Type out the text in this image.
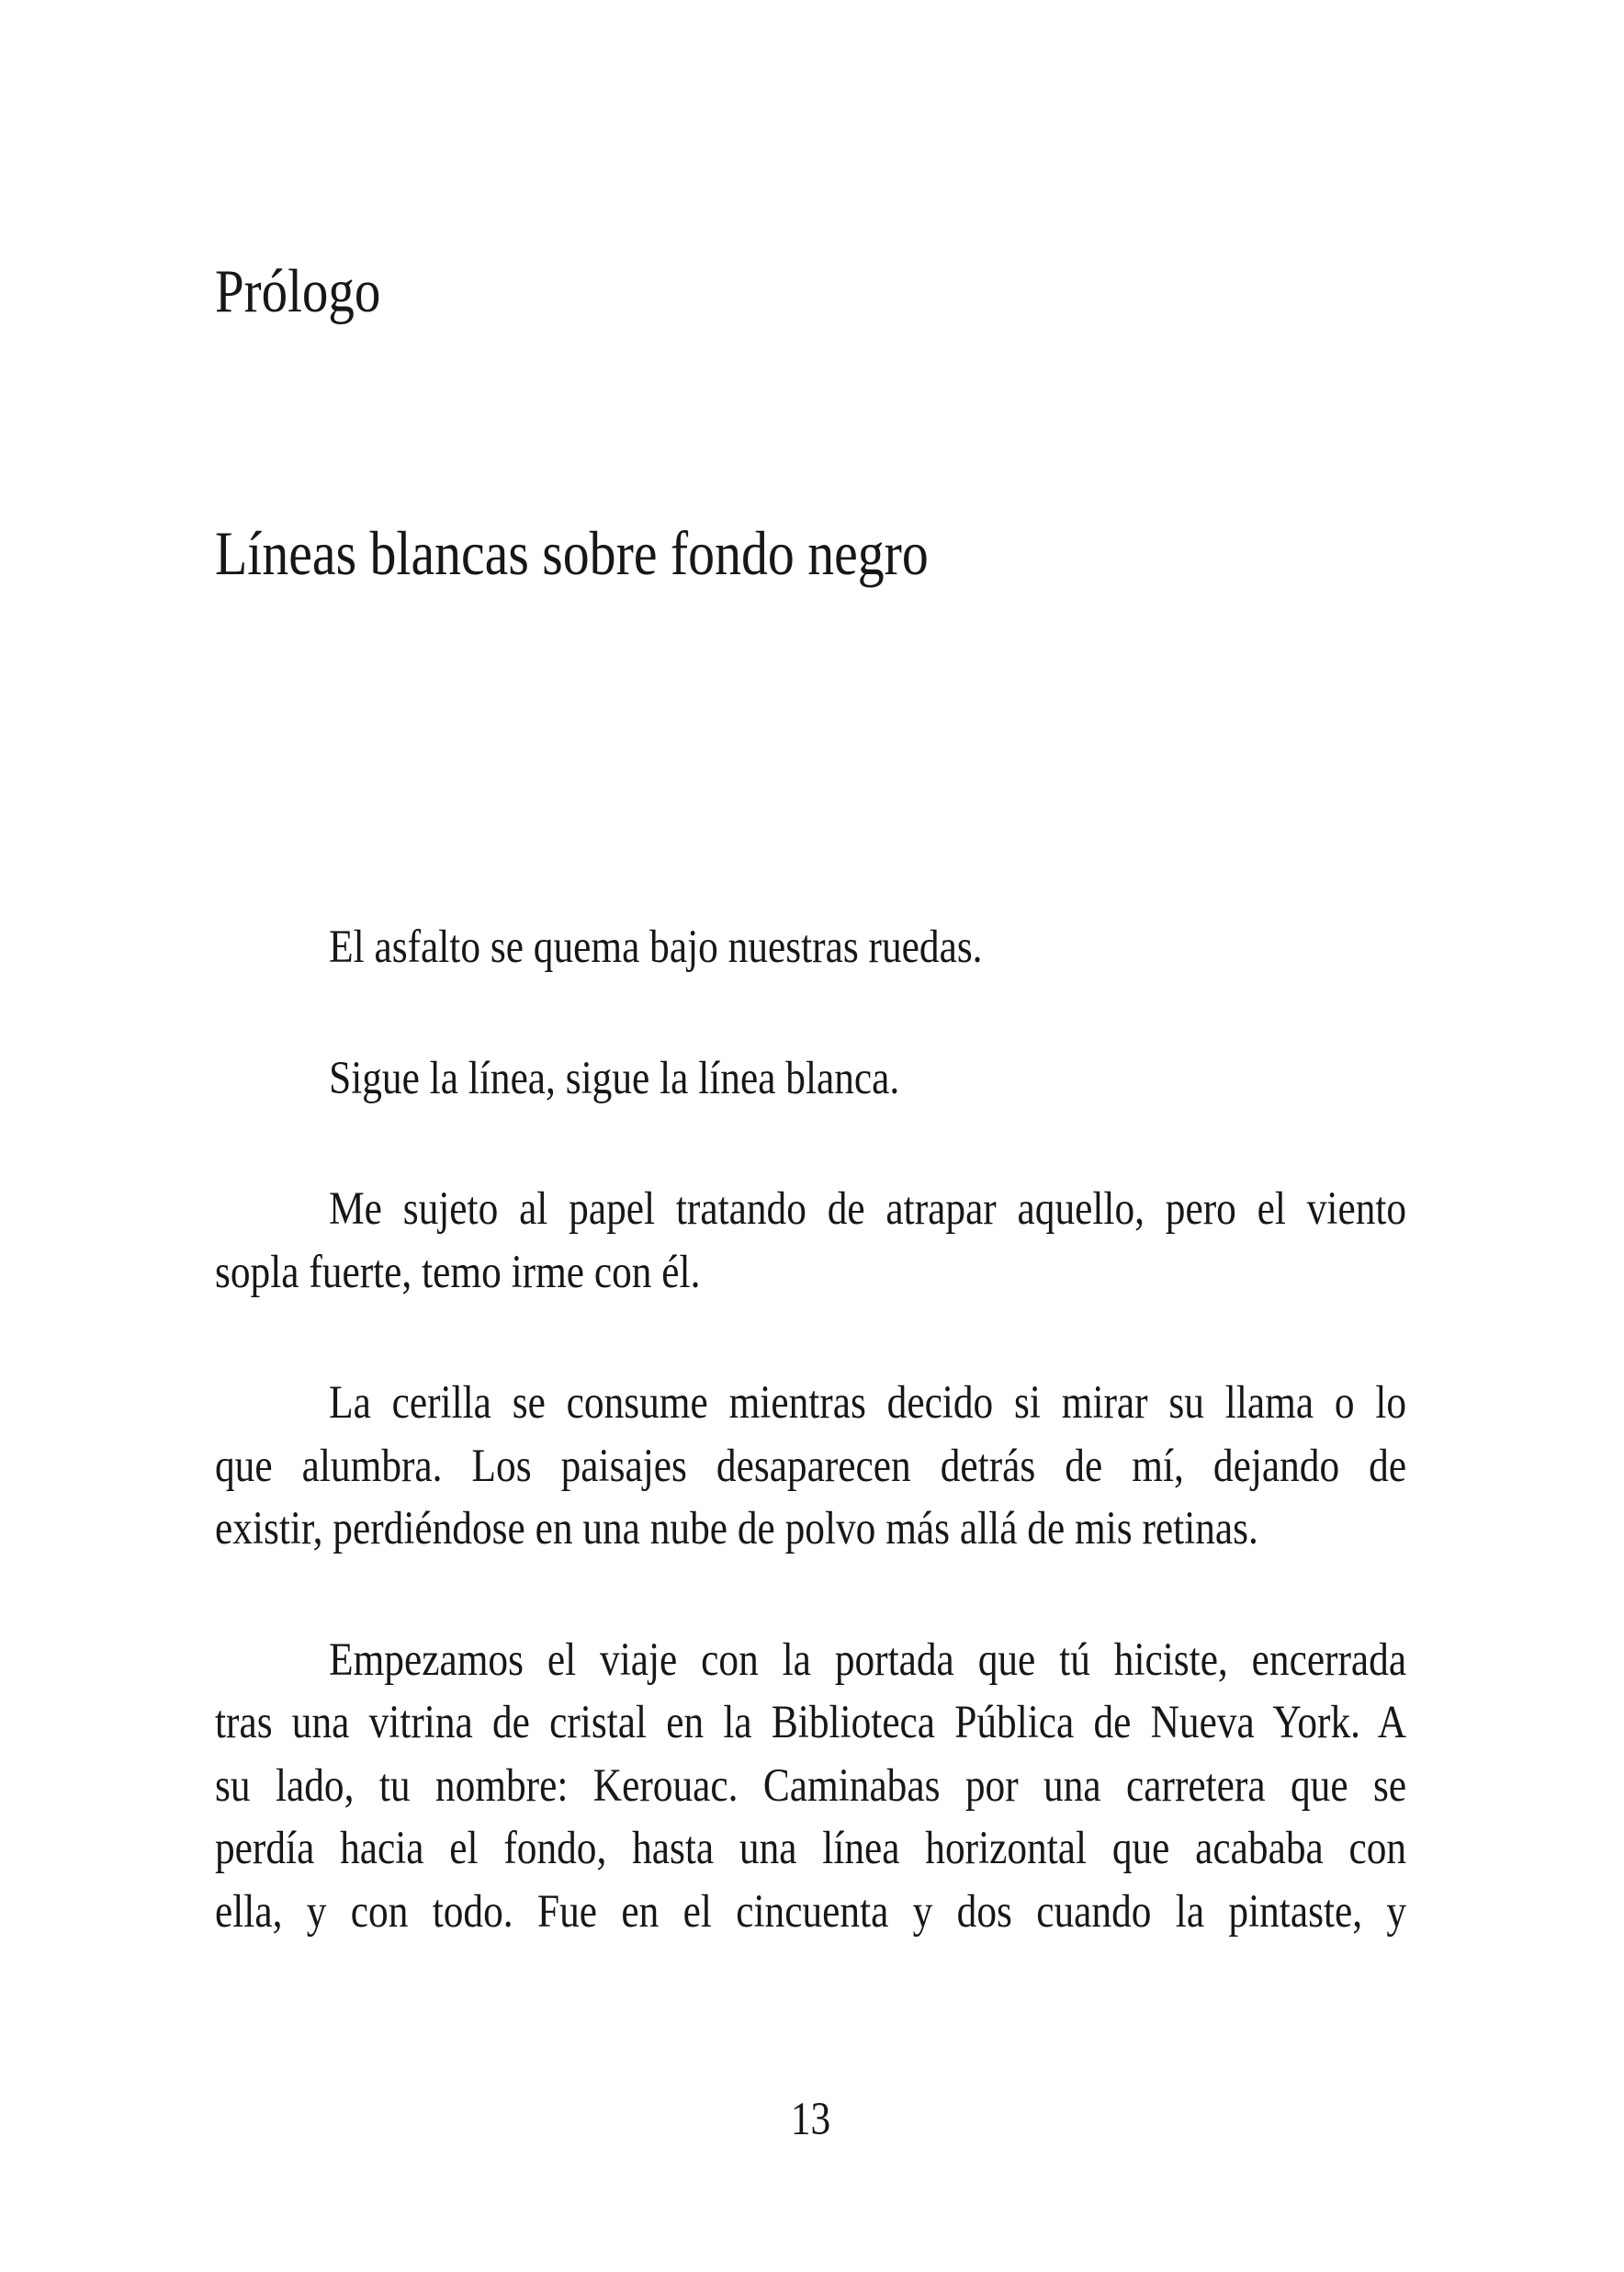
Prólogo
Líneas blancas sobre fondo negro
El asfalto se quema bajo nuestras ruedas.
Sigue la línea, sigue la línea blanca.
Me sujeto al papel tratando de atrapar aquello, pero el viento
sopla fuerte, temo irme con él.
La cerilla se consume mientras decido si mirar su llama o lo
que alumbra. Los paisajes desaparecen detrás de mí, dejando de
existir, perdiéndose en una nube de polvo más allá de mis retinas.
Empezamos el viaje con la portada que tú hiciste, encerrada
tras una vitrina de cristal en la Biblioteca Pública de Nueva York. A
su lado, tu nombre: Kerouac. Caminabas por una carretera que se
perdía hacia el fondo, hasta una línea horizontal que acababa con
ella, y con todo. Fue en el cincuenta y dos cuando la pintaste, y
13
